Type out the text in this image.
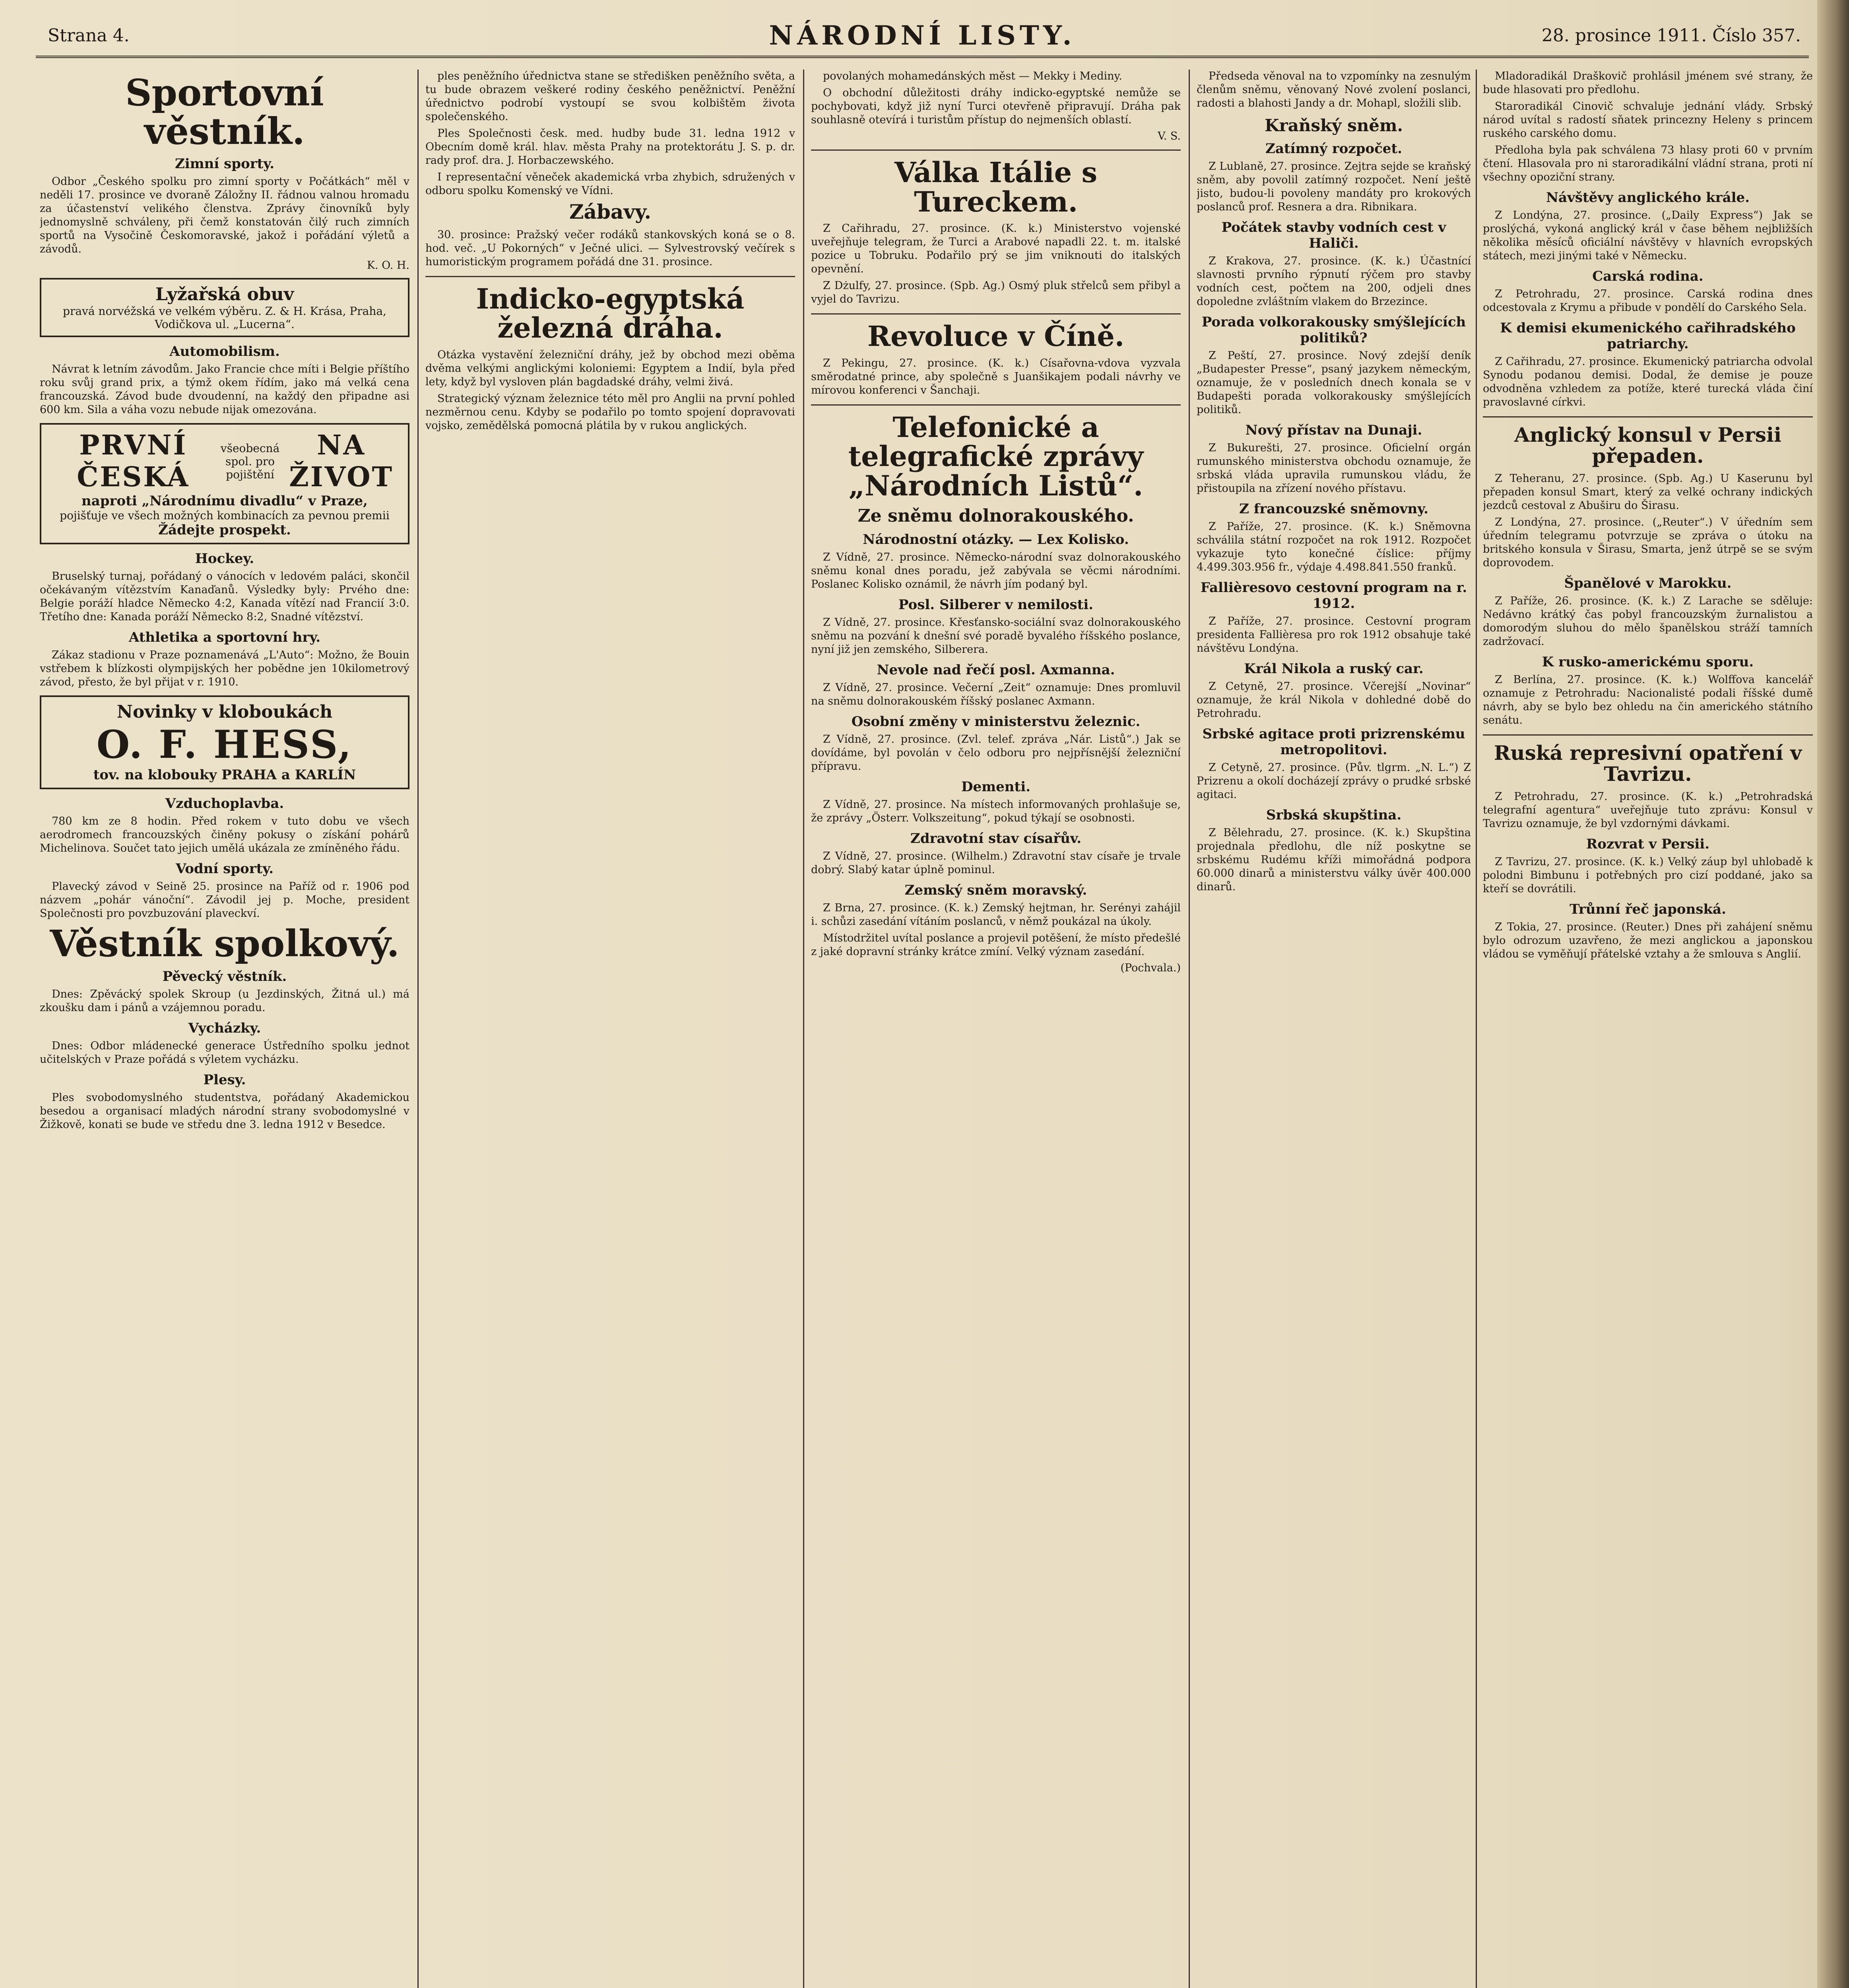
Strana 4.	NÁRODNÍ LISTY.	28. prosince 1911. Číslo 357.
Sportovní věstník.
Zimní sporty.

Odbor „Českého spolku pro zimní sporty v Počátkách“ měl v neděli 17. prosince ve dvoraně Záložny II. řádnou valnou hromadu za účastenství velikého členstva. Zprávy činovníků byly jednomyslně schváleny, při čemž konstatován čilý ruch zimních sportů na Vysočině Českomoravské, jakož i pořádání výletů a závodů.

K. O. H.
Lyžařská obuv
pravá norvéžská ve velkém výběru. Z. & H. Krása, Praha, Vodičkova ul. „Lucerna“.
Automobilism.

Návrat k letním závodům. Jako Francie chce míti i Belgie příštího roku svůj grand prix, a týmž okem řídím, jako má velká cena francouzská. Závod bude dvoudenní, na každý den připadne asi 600 km. Sila a váha vozu nebude nijak omezována.

PRVNÍ ČESKÁ
všeobecná spol. pro pojištění
NA ŽIVOT
naproti „Národnímu divadlu“ v Praze,
pojišťuje ve všech možných kombinacích za pevnou premii
Žádejte prospekt.
Hockey.

Bruselský turnaj, pořádaný o vánocích v ledovém paláci, skončil očekávaným vítězstvím Kanaďanů. Výsledky byly: Prvého dne: Belgie poráží hladce Německo 4:2, Kanada vítězí nad Francií 3:0. Třetího dne: Kanada poráží Německo 8:2, Snadné vítězství.

Athletika a sportovní hry.

Zákaz stadionu v Praze poznamenává „L'Auto“: Možno, že Bouin vstřebem k blízkosti olympijských her pobědne jen 10kilometrový závod, přesto, že byl přijat v r. 1910.

Novinky v kloboukách
O. F. HESS,
tov. na klobouky PRAHA a KARLÍN
Vzduchoplavba.

780 km ze 8 hodin. Před rokem v tuto dobu ve všech aerodromech francouzských činěny pokusy o získání pohárů Michelinova. Součet tato jejich umělá ukázala ze zmíněného řádu.

Vodní sporty.

Plavecký závod v Seině 25. prosince na Paříž od r. 1906 pod názvem „pohár vánoční“. Závodil jej p. Moche, president Společnosti pro povzbuzování plaveckví.

Věstník spolkový.
Pěvecký věstník.

Dnes: Zpěvácký spolek Skroup (u Jezdinských, Žitná ul.) má zkoušku dam i pánů a vzájemnou poradu.

Vycházky.

Dnes: Odbor mládenecké generace Ústředního spolku jednot učitelských v Praze pořádá s výletem vycházku.

Plesy.

Ples svobodomyslného studentstva, pořádaný Akademickou besedou a organisací mladých národní strany svobodomyslné v Žižkově, konati se bude ve středu dne 3. ledna 1912 v Besedce.

ples peněžního úřednictva stane se středišken peněžního světa, a tu bude obrazem veškeré rodiny českého peněžnictví. Peněžní úřednictvo podrobí vystoupí se svou kolbištěm života společenského.

Ples Společnosti česk. med. hudby bude 31. ledna 1912 v Obecním domě král. hlav. města Prahy na protektorátu J. S. p. dr. rady prof. dra. J. Horbaczewského.

I representační věneček akademická vrba zhybich, sdružených v odboru spolku Komenský ve Vídni.

Zábavy.

30. prosince: Pražský večer rodáků stankovských koná se o 8. hod. več. „U Pokorných“ v Ječné ulici. — Sylvestrovský večírek s humoristickým programem pořádá dne 31. prosince.

Indicko-egyptská železná dráha.

Otázka vystavění železniční dráhy, jež by obchod mezi oběma dvěma velkými anglickými koloniemi: Egyptem a Indií, byla před lety, když byl vysloven plán bagdadské dráhy, velmi živá.

Strategický význam železnice této měl pro Anglii na první pohled nezměrnou cenu. Kdyby se podařilo po tomto spojení dopravovati vojsko, zemědělská pomocná plátila by v rukou anglických.

povolaných mohamedánských měst — Mekky i Mediny.

O obchodní důležitosti dráhy indicko-egyptské nemůže se pochybovati, když již nyní Turci otevřeně připravují. Dráha pak souhlasně otevírá i turistům přístup do nejmenších oblastí.

V. S.
Válka Itálie s Tureckem.

Z Cařihradu, 27. prosince. (K. k.) Ministerstvo vojenské uveřejňuje telegram, že Turci a Arabové napadli 22. t. m. italské pozice u Tobruku. Podařilo prý se jim vniknouti do italských opevnění.

Z Dżulfy, 27. prosince. (Spb. Ag.) Osmý pluk střelců sem přibyl a vyjel do Tavrizu.

Revoluce v Číně.

Z Pekingu, 27. prosince. (K. k.) Císařovna-vdova vyzvala směrodatné prince, aby společně s Juanšikajem podali návrhy ve mírovou konferenci v Šanchaji.

Telefonické a telegrafické zprávy „Národních Listů“.
Ze sněmu dolnorakouského.
Národnostní otázky. — Lex Kolisko.

Z Vídně, 27. prosince. Německo-národní svaz dolnorakouského sněmu konal dnes poradu, jež zabývala se věcmi národními. Poslanec Kolisko oznámil, že návrh jím podaný byl.

Posl. Silberer v nemilosti.

Z Vídně, 27. prosince. Křesťansko-sociální svaz dolnorakouského sněmu na pozvání k dnešní své poradě byvalého říšského poslance, nyní již jen zemského, Silberera.

Nevole nad řečí posl. Axmanna.

Z Vídně, 27. prosince. Večerní „Zeit“ oznamuje: Dnes promluvil na sněmu dolnorakouském říšský poslanec Axmann.

Osobní změny v ministerstvu železnic.

Z Vídně, 27. prosince. (Zvl. telef. zpráva „Nár. Listů“.) Jak se dovídáme, byl povolán v čelo odboru pro nejpřísnější železniční přípravu.

Dementi.

Z Vídně, 27. prosince. Na místech informovaných prohlašuje se, že zprávy „Österr. Volkszeitung“, pokud týkají se osobnosti.

Zdravotní stav císařův.

Z Vídně, 27. prosince. (Wilhelm.) Zdravotní stav císaře je trvale dobrý. Slabý katar úplně pominul.

Zemský sněm moravský.

Z Brna, 27. prosince. (K. k.) Zemský hejtman, hr. Serényi zahájil i. schůzi zasedání vítáním poslanců, v němž poukázal na úkoly.

Místodržitel uvítal poslance a projevil potěšení, že místo předešlé z jaké dopravní stránky krátce zmíní. Velký význam zasedání.

(Pochvala.)

Předseda věnoval na to vzpomínky na zesnulým členům sněmu, věnovaný Nové zvolení poslanci, radosti a blahosti Jandy a dr. Mohapl, složili slib.

Kraňský sněm.
Zatímný rozpočet.

Z Lublaně, 27. prosince. Zejtra sejde se kraňský sněm, aby povolil zatímný rozpočet. Není ještě jisto, budou-li povoleny mandáty pro krokových poslanců prof. Resnera a dra. Ribnikara.

Počátek stavby vodních cest v Haliči.

Z Krakova, 27. prosince. (K. k.) Účastnící slavnosti prvního rýpnutí rýčem pro stavby vodních cest, počtem na 200, odjeli dnes dopoledne zvláštním vlakem do Brzezince.

Porada volkorakousky smýšlejících politiků?

Z Peští, 27. prosince. Nový zdejší deník „Budapester Presse“, psaný jazykem německým, oznamuje, že v posledních dnech konala se v Budapešti porada volkorakousky smýšlejících politiků.

Nový přístav na Dunaji.

Z Bukurešti, 27. prosince. Oficielní orgán rumunského ministerstva obchodu oznamuje, že srbská vláda upravila rumunskou vládu, že přistoupila na zřízení nového přístavu.

Z francouzské sněmovny.

Z Paříže, 27. prosince. (K. k.) Sněmovna schválila státní rozpočet na rok 1912. Rozpočet vykazuje tyto konečné číslice: příjmy 4.499.303.956 fr., výdaje 4.498.841.550 franků.

Fallièresovo cestovní program na r. 1912.

Z Paříže, 27. prosince. Cestovní program presidenta Fallièresa pro rok 1912 obsahuje také návštěvu Londýna.

Král Nikola a ruský car.

Z Cetyně, 27. prosince. Včerejší „Novinar“ oznamuje, že král Nikola v dohledné době do Petrohradu.

Srbské agitace proti prizrenskému metropolitovi.

Z Cetyně, 27. prosince. (Pův. tlgrm. „N. L.“) Z Prizrenu a okolí docházejí zprávy o prudké srbské agitaci.

Srbská skupština.

Z Bělehradu, 27. prosince. (K. k.) Skupština projednala předlohu, dle níž poskytne se srbskému Rudému kříži mimořádná podpora 60.000 dinarů a ministerstvu války úvěr 400.000 dinarů.

Mladoradikál Draškovič prohlásil jménem své strany, že bude hlasovati pro předlohu.

Staroradikál Cinovič schvaluje jednání vlády. Srbský národ uvítal s radostí sňatek princezny Heleny s princem ruského carského domu.

Předloha byla pak schválena 73 hlasy proti 60 v prvním čtení. Hlasovala pro ni staroradikální vládní strana, proti ní všechny opoziční strany.

Návštěvy anglického krále.

Z Londýna, 27. prosince. („Daily Express“) Jak se proslýchá, vykoná anglický král v čase během nejbližších několika měsíců oficiální návštěvy v hlavních evropských státech, mezi jinými také v Německu.

Carská rodina.

Z Petrohradu, 27. prosince. Carská rodina dnes odcestovala z Krymu a přibude v pondělí do Carského Sela.

K demisi ekumenického cařihradského patriarchy.

Z Cařihradu, 27. prosince. Ekumenický patriarcha odvolal Synodu podanou demisi. Dodal, že demise je pouze odvodněna vzhledem za potíže, které turecká vláda činí pravoslavné církvi.

Anglický konsul v Persii přepaden.

Z Teheranu, 27. prosince. (Spb. Ag.) U Kaserunu byl přepaden konsul Smart, který za velké ochrany indických jezdců cestoval z Abuširu do Širasu.

Z Londýna, 27. prosince. („Reuter“.) V úředním sem úředním telegramu potvrzuje se zpráva o útoku na britského konsula v Širasu, Smarta, jenž útrpě se se svým doprovodem.

Španělové v Marokku.

Z Paříže, 26. prosince. (K. k.) Z Larache se sděluje: Nedávno krátký čas pobyl francouzským žurnalistou a domorodým sluhou do mělo španělskou stráží tamních zadržovací.

K rusko-americkému sporu.

Z Berlína, 27. prosince. (K. k.) Wolffova kancelář oznamuje z Petrohradu: Nacionalisté podali říšské dumě návrh, aby se bylo bez ohledu na čin amerického státního senátu.

Ruská represivní opatření v Tavrizu.

Z Petrohradu, 27. prosince. (K. k.) „Petrohradská telegrafní agentura“ uveřejňuje tuto zprávu: Konsul v Tavrizu oznamuje, že byl vzdornými dávkami.

Rozvrat v Persii.

Z Tavrizu, 27. prosince. (K. k.) Velký záup byl uhlobadě k polodni Bimbunu i potřebných pro cizí poddané, jako sa kteří se dovrátili.

Trůnní řeč japonská.

Z Tokia, 27. prosince. (Reuter.) Dnes při zahájení sněmu bylo odrozum uzavřeno, že mezi anglickou a japonskou vládou se vyměňují přátelské vztahy a že smlouva s Anglií.
